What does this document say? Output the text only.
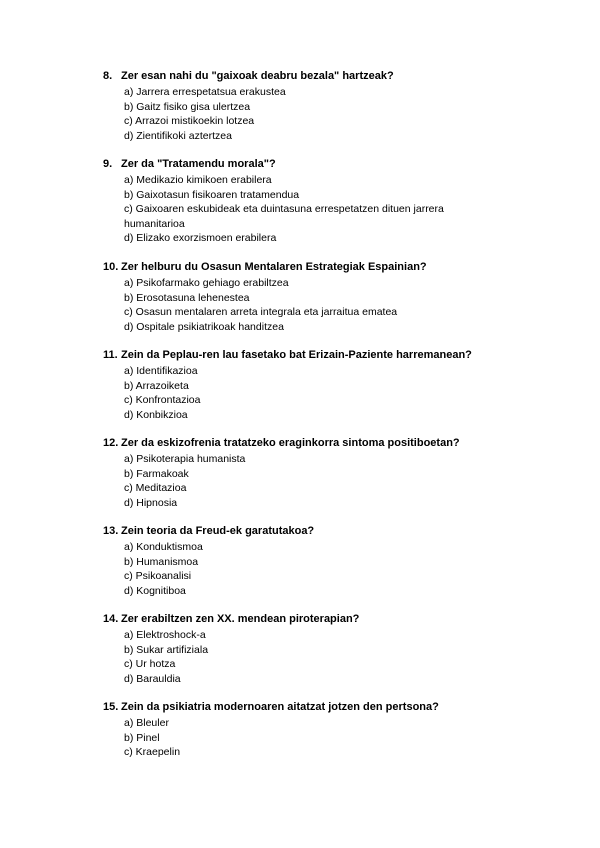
8. Zer esan nahi du "gaixoak deabru bezala" hartzeak?
a) Jarrera errespetatsua erakustea
b) Gaitz fisiko gisa ulertzea
c) Arrazoi mistikoekin lotzea
d) Zientifikoki aztertzea
9. Zer da "Tratamendu morala"?
a) Medikazio kimikoen erabilera
b) Gaixotasun fisikoaren tratamendua
c) Gaixoaren eskubideak eta duintasuna errespetatzen dituen jarrera humanitarioa
d) Elizako exorzismoen erabilera
10. Zer helburu du Osasun Mentalaren Estrategiak Espainian?
a) Psikofarmako gehiago erabiltzea
b) Erosotasuna lehenestea
c) Osasun mentalaren arreta integrala eta jarraitua ematea
d) Ospitale psikiatrikoak handitzea
11. Zein da Peplau-ren lau fasetako bat Erizain-Paziente harremanean?
a) Identifikazioa
b) Arrazoiketa
c) Konfrontazioa
d) Konbikzioa
12. Zer da eskizofrenia tratatzeko eraginkorra sintoma positiboetan?
a) Psikoterapia humanista
b) Farmakoak
c) Meditazioa
d) Hipnosia
13. Zein teoria da Freud-ek garatutakoa?
a) Konduktismoa
b) Humanismoa
c) Psikoanalisi
d) Kognitiboa
14. Zer erabiltzen zen XX. mendean piroterapian?
a) Elektroshock-a
b) Sukar artifiziala
c) Ur hotza
d) Barauldia
15. Zein da psikiatria modernoaren aitatzat jotzen den pertsona?
a) Bleuler
b) Pinel
c) Kraepelin
